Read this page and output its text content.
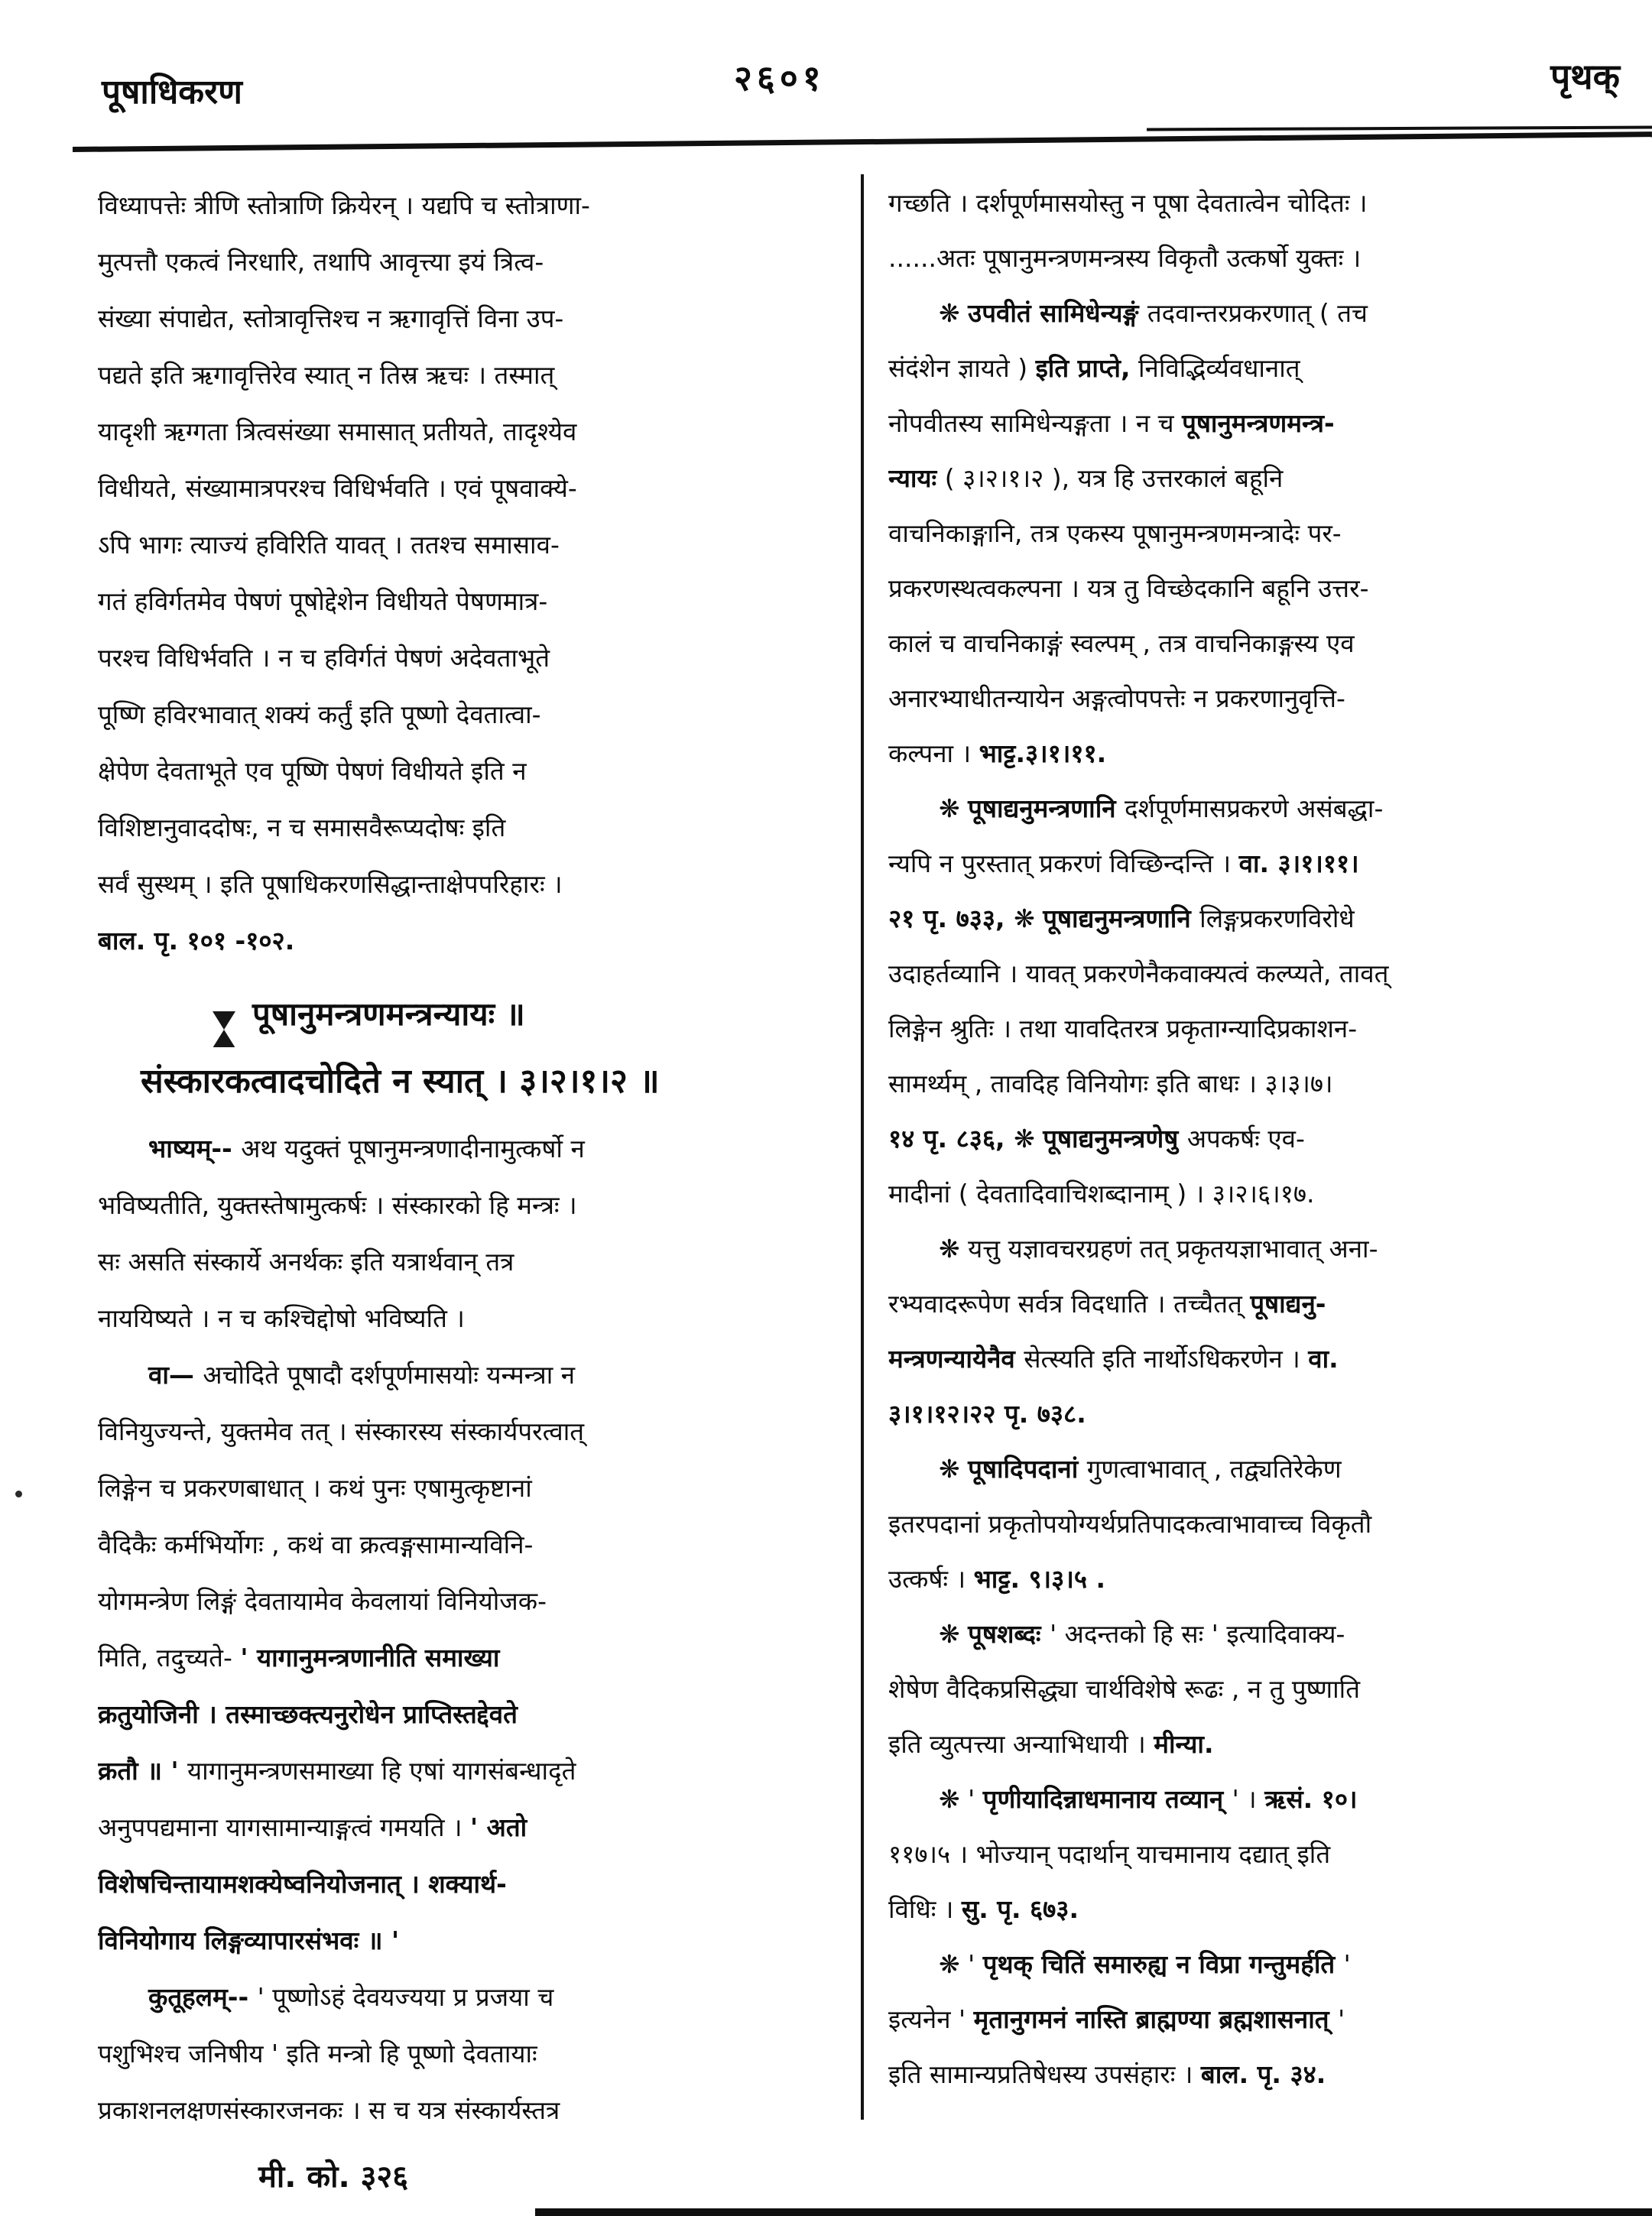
पूषाधिकरण	२६०१	पृथक्
विध्यापत्तेः त्रीणि स्तोत्राणि क्रियेरन् । यद्यपि च स्तोत्राणा-
मुत्पत्तौ एकत्वं निरधारि, तथापि आवृत्त्या इयं त्रित्व-
संख्या संपाद्येत, स्तोत्रावृत्तिश्च न ऋगावृत्तिं विना उप-
पद्यते इति ऋगावृत्तिरेव स्यात् न तिस्र ऋचः । तस्मात्
यादृशी ऋग्गता त्रित्वसंख्या समासात् प्रतीयते, तादृश्येव
विधीयते, संख्यामात्रपरश्च विधिर्भवति । एवं पूषवाक्ये-
ऽपि भागः त्याज्यं हविरिति यावत् । ततश्च समासाव-
गतं हविर्गतमेव पेषणं पूषोद्देशेन विधीयते पेषणमात्र-
परश्च विधिर्भवति । न च हविर्गतं पेषणं अदेवताभूते
पूष्णि हविरभावात् शक्यं कर्तुं इति पूष्णो देवतात्वा-
क्षेपेण देवताभूते एव पूष्णि पेषणं विधीयते इति न
विशिष्टानुवाददोषः, न च समासवैरूप्यदोषः इति
सर्वं सुस्थम् । इति पूषाधिकरणसिद्धान्ताक्षेपपरिहारः ।
बाल. पृ. १०१ -१०२.
पूषानुमन्त्रणमन्त्रन्यायः ॥
संस्कारकत्वादचोदिते न स्यात् । ३।२।१।२ ॥
भाष्यम्-- अथ यदुक्तं पूषानुमन्त्रणादीनामुत्कर्षो न
भविष्यतीति, युक्तस्तेषामुत्कर्षः । संस्कारको हि मन्त्रः ।
सः असति संस्कार्ये अनर्थकः इति यत्रार्थवान् तत्र
नाययिष्यते । न च कश्चिद्दोषो भविष्यति ।
वा— अचोदिते पूषादौ दर्शपूर्णमासयोः यन्मन्त्रा न
विनियुज्यन्ते, युक्तमेव तत् । संस्कारस्य संस्कार्यपरत्वात्
लिङ्गेन च प्रकरणबाधात् । कथं पुनः एषामुत्कृष्टानां
वैदिकैः कर्मभिर्योगः , कथं वा क्रत्वङ्गसामान्यविनि-
योगमन्त्रेण लिङ्गं देवतायामेव केवलायां विनियोजक-
मिति, तदुच्यते- ' यागानुमन्त्रणानीति समाख्या
क्रतुयोजिनी । तस्माच्छक्त्यनुरोधेन प्राप्तिस्तद्देवते
क्रतौ ॥ ' यागानुमन्त्रणसमाख्या हि एषां यागसंबन्धादृते
अनुपपद्यमाना यागसामान्याङ्गत्वं गमयति । ' अतो
विशेषचिन्तायामशक्येष्वनियोजनात् । शक्यार्थ-
विनियोगाय लिङ्गव्यापारसंभवः ॥ '
कुतूहलम्-- ' पूष्णोऽहं देवयज्यया प्र प्रजया च
पशुभिश्च जनिषीय ' इति मन्त्रो हि पूष्णो देवतायाः
प्रकाशनलक्षणसंस्कारजनकः । स च यत्र संस्कार्यस्तत्र
गच्छति । दर्शपूर्णमासयोस्तु न पूषा देवतात्वेन चोदितः ।
......अतः पूषानुमन्त्रणमन्त्रस्य विकृतौ उत्कर्षो युक्तः ।
❋ उपवीतं सामिधेन्यङ्गं तदवान्तरप्रकरणात् ( तच
संदंशेन ज्ञायते ) इति प्राप्ते, निविद्भिर्व्यवधानात्
नोपवीतस्य सामिधेन्यङ्गता । न च पूषानुमन्त्रणमन्त्र-
न्यायः ( ३।२।१।२ ), यत्र हि उत्तरकालं बहूनि
वाचनिकाङ्गानि, तत्र एकस्य पूषानुमन्त्रणमन्त्रादेः पर-
प्रकरणस्थत्वकल्पना । यत्र तु विच्छेदकानि बहूनि उत्तर-
कालं च वाचनिकाङ्गं स्वल्पम् , तत्र वाचनिकाङ्गस्य एव
अनारभ्याधीतन्यायेन अङ्गत्वोपपत्तेः न प्रकरणानुवृत्ति-
कल्पना । भाट्ट.३।१।११.
❋ पूषाद्यनुमन्त्रणानि दर्शपूर्णमासप्रकरणे असंबद्धा-
न्यपि न पुरस्तात् प्रकरणं विच्छिन्दन्ति । वा. ३।१।११।
२१ पृ. ७३३, ❋ पूषाद्यनुमन्त्रणानि लिङ्गप्रकरणविरोधे
उदाहर्तव्यानि । यावत् प्रकरणेनैकवाक्यत्वं कल्प्यते, तावत्
लिङ्गेन श्रुतिः । तथा यावदितरत्र प्रकृताग्न्यादिप्रकाशन-
सामर्थ्यम् , तावदिह विनियोगः इति बाधः । ३।३।७।
१४ पृ. ८३६, ❋ पूषाद्यनुमन्त्रणेषु अपकर्षः एव-
मादीनां ( देवतादिवाचिशब्दानाम् ) । ३।२।६।१७.
❋ यत्तु यज्ञावचरग्रहणं तत् प्रकृतयज्ञाभावात् अना-
रभ्यवादरूपेण सर्वत्र विदधाति । तच्चैतत् पूषाद्यनु-
मन्त्रणन्यायेनैव सेत्स्यति इति नार्थोऽधिकरणेन । वा.
३।१।१२।२२ पृ. ७३८.
❋ पूषादिपदानां गुणत्वाभावात् , तद्व्यतिरेकेण
इतरपदानां प्रकृतोपयोग्यर्थप्रतिपादकत्वाभावाच्च विकृतौ
उत्कर्षः । भाट्ट. ९।३।५ .
❋ पूषशब्दः ' अदन्तको हि सः ' इत्यादिवाक्य-
शेषेण वैदिकप्रसिद्ध्या चार्थविशेषे रूढः , न तु पुष्णाति
इति व्युत्पत्त्या अन्याभिधायी । मीन्या.
❋ ' पृणीयादिन्नाधमानाय तव्यान् ' । ऋसं. १०।
११७।५ । भोज्यान् पदार्थान् याचमानाय दद्यात् इति
विधिः । सु. पृ. ६७३.
❋ ' पृथक् चितिं समारुह्य न विप्रा गन्तुमर्हति '
इत्यनेन ' मृतानुगमनं नास्ति ब्राह्मण्या ब्रह्मशासनात् '
इति सामान्यप्रतिषेधस्य उपसंहारः । बाल. पृ. ३४.
मी. को. ३२६
